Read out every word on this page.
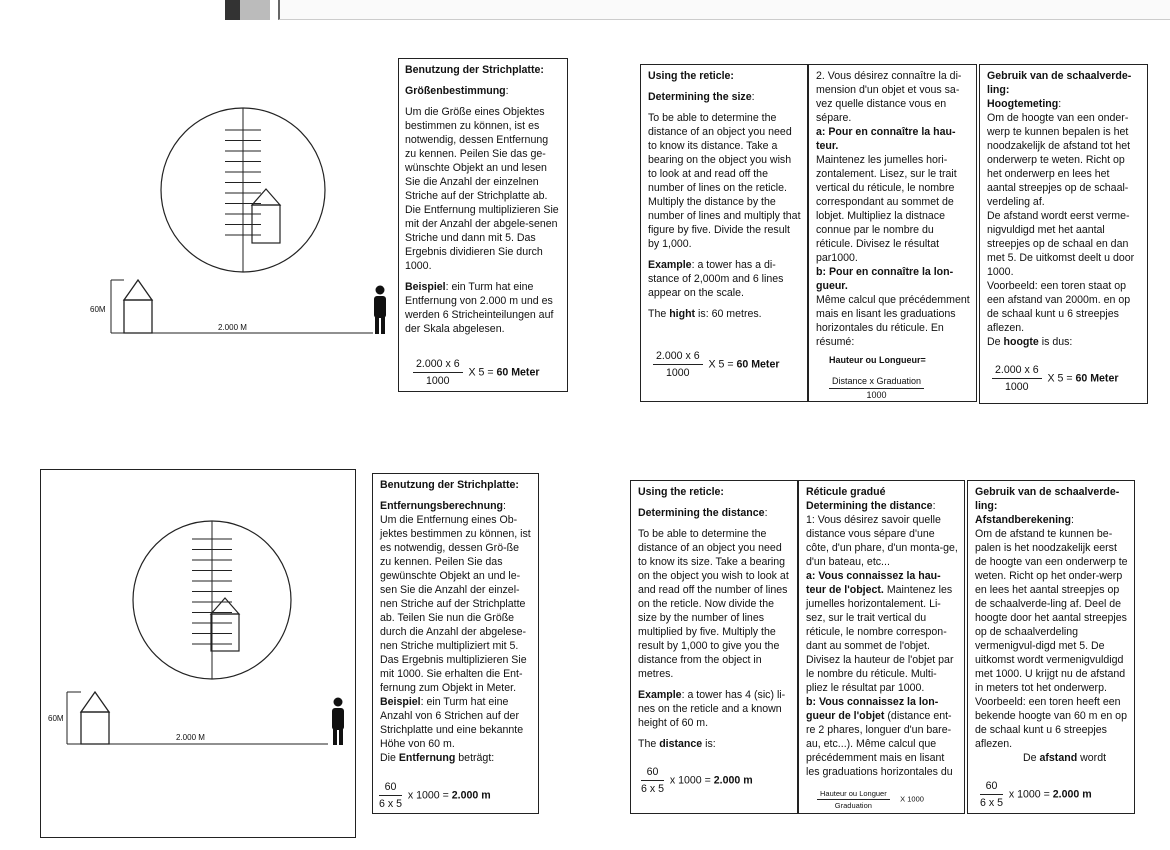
60M
2.000 M
Benutzung der Strichplatte:

Größenbestimmung:

Um die Größe eines Objektes bestimmen zu können, ist es notwendig, dessen Entfernung zu kennen. Peilen Sie das ge-wünschte Objekt an und lesen Sie die Anzahl der einzelnen Striche auf der Strichplatte ab. Die Entfernung multiplizieren Sie mit der Anzahl der abgele-senen Striche und dann mit 5. Das Ergebnis dividieren Sie durch 1000.

Beispiel: ein Turm hat eine Entfernung von 2.000 m und es werden 6 Stricheinteilungen auf der Skala abgelesen.

$\frac{2.000 x 6}{1000}$ X 5 = 60 Meter
Using the reticle:

Determining the size:

To be able to determine the distance of an object you need to know its distance. Take a bearing on the object you wish to look at and read off the number of lines on the reticle. Multiply the distance by the number of lines and multiply that figure by five. Divide the result by 1,000.

Example: a tower has a di-stance of 2,000m and 6 lines appear on the scale.

The hight is: 60 metres.

$\frac{2.000 x 6}{1000}$ X 5 = 60 Meter

2. Vous désirez connaître la di-mension d'un objet et vous sa-vez quelle distance vous en sépare.

a: Pour en connaître la hau-teur.

Maintenez les jumelles hori-zontalement. Lisez, sur le trait vertical du réticule, le nombre correspondant au sommet de lobjet. Multipliez la distnace connue par le nombre du réticule. Divisez le résultat par1000.

b: Pour en connaître la lon-gueur.

Même calcul que précédemment mais en lisant les graduations horizontales du réticule. En résumé:

Hauteur ou Longueur=
$\frac{\text{Distance x Graduation}}{1000}$
Gebruik van de schaalverde-ling:

Hoogtemeting:

Om de hoogte van een onder-werp te kunnen bepalen is het noodzakelijk de afstand tot het onderwerp te weten. Richt op het onderwerp en lees het aantal streepjes op de schaal-verdeling af.

De afstand wordt eerst verme-nigvuldigd met het aantal streepjes op de schaal en dan met 5. De uitkomst deelt u door 1000.

Voorbeeld: een toren staat op een afstand van 2000m. en op de schaal kunt u 6 streepjes aflezen.

De hoogte is dus:

$\frac{2.000 x 6}{1000}$ X 5 = 60 Meter
60M
2.000 M
Benutzung der Strichplatte:

Entfernungsberechnung:

Um die Entfernung eines Ob-jektes bestimmen zu können, ist es notwendig, dessen Grö-ße zu kennen. Peilen Sie das gewünschte Objekt an und le-sen Sie die Anzahl der einzel-nen Striche auf der Strichplatte ab. Teilen Sie nun die Größe durch die Anzahl der abgelese-nen Striche multipliziert mit 5. Das Ergebnis multiplizieren Sie mit 1000. Sie erhalten die Ent-fernung zum Objekt in Meter.

Beispiel: ein Turm hat eine Anzahl von 6 Strichen auf der Strichplatte und eine bekannte Höhe von 60 m.

Die Entfernung beträgt:

$\frac{60}{6 x 5}$ x 1000 = 2.000 m
Using the reticle:

Determining the distance:

To be able to determine the distance of an object you need to know its size. Take a bearing on the object you wish to look at and read off the number of lines on the reticle. Now divide the size by the number of lines multiplied by five. Multiply the result by 1,000 to give you the distance from the object in metres.

Example: a tower has 4 (sic) li-nes on the reticle and a known height of 60 m.

The distance is:

$\frac{60}{6 x 5}$ x 1000 = 2.000 m
Réticule gradué

Determining the distance:

1: Vous désirez savoir quelle distance vous sépare d'une côte, d'un phare, d'un monta-ge, d'un bateau, etc...

a: Vous connaissez la hau-teur de l'object. Maintenez les jumelles horizontalement. Li-sez, sur le trait vertical du réticule, le nombre correspon-dant au sommet de l'objet. Divisez la hauteur de l'objet par le nombre du réticule. Multi-pliez le résultat par 1000.

b: Vous connaissez la lon-gueur de l'objet (distance ent-re 2 phares, longuer d'un bare-au, etc...). Même calcul que précédemment mais en lisant les graduations horizontales du

$\frac{\text{Hauteur ou Longuer}}{\text{Graduation}}$ X 1000
Gebruik van de schaalverde-ling:

Afstandberekening:

Om de afstand te kunnen be-palen is het noodzakelijk eerst de hoogte van een onderwerp te weten. Richt op het onder-werp en lees het aantal streepjes op de schaalverde-ling af. Deel de hoogte door het aantal streepjes op de schaalverdeling vermenigvul-digd met 5. De uitkomst wordt vermenigvuldigd met 1000. U krijgt nu de afstand in meters tot het onderwerp.

Voorbeeld: een toren heeft een bekende hoogte van 60 m en op de schaal kunt u 6 streepjes aflezen.

De afstand wordt

$\frac{60}{6 x 5}$ x 1000 = 2.000 m
